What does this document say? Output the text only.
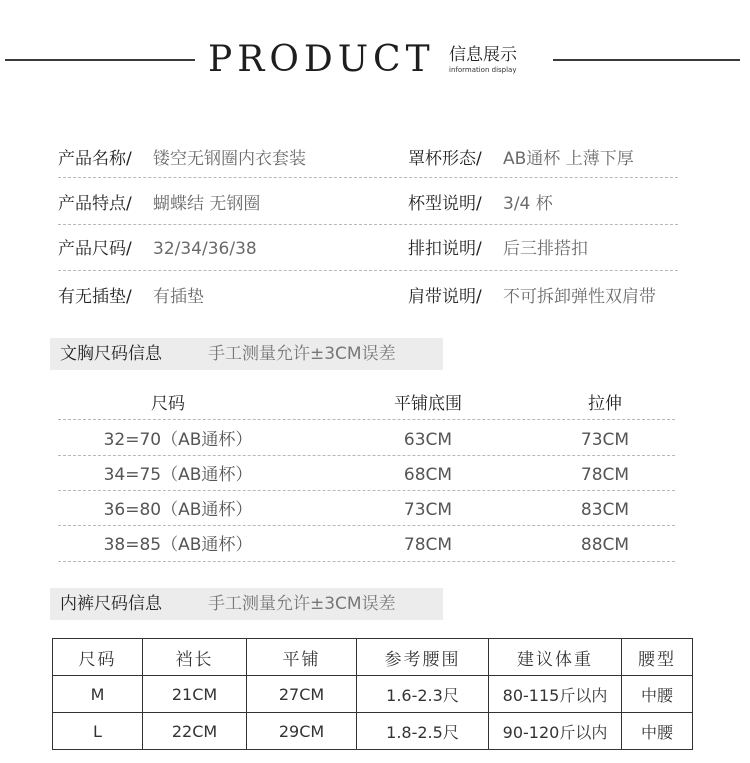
PRODUCT 信息展示
information display
产品名称/ 镂空无钢圈内衣套装	罩杯形态/ AB通杯 上薄下厚
产品特点/ 蝴蝶结 无钢圈	杯型说明/ 3/4 杯
产品尺码/ 32/34/36/38	排扣说明/ 后三排搭扣
有无插垫/ 有插垫	肩带说明/ 不可拆卸弹性双肩带
文胸尺码信息	手工测量允许±3CM误差
尺码	平铺底围	拉伸
32=70（AB通杯）	63CM	73CM
34=75（AB通杯）	68CM	78CM
36=80（AB通杯）	73CM	83CM
38=85（AB通杯）	78CM	88CM
内裤尺码信息	手工测量允许±3CM误差
尺码	裆长	平铺	参考腰围	建议体重	腰型
M	21CM	27CM	1.6-2.3尺	80-115斤以内	中腰
L	22CM	29CM	1.8-2.5尺	90-120斤以内	中腰
